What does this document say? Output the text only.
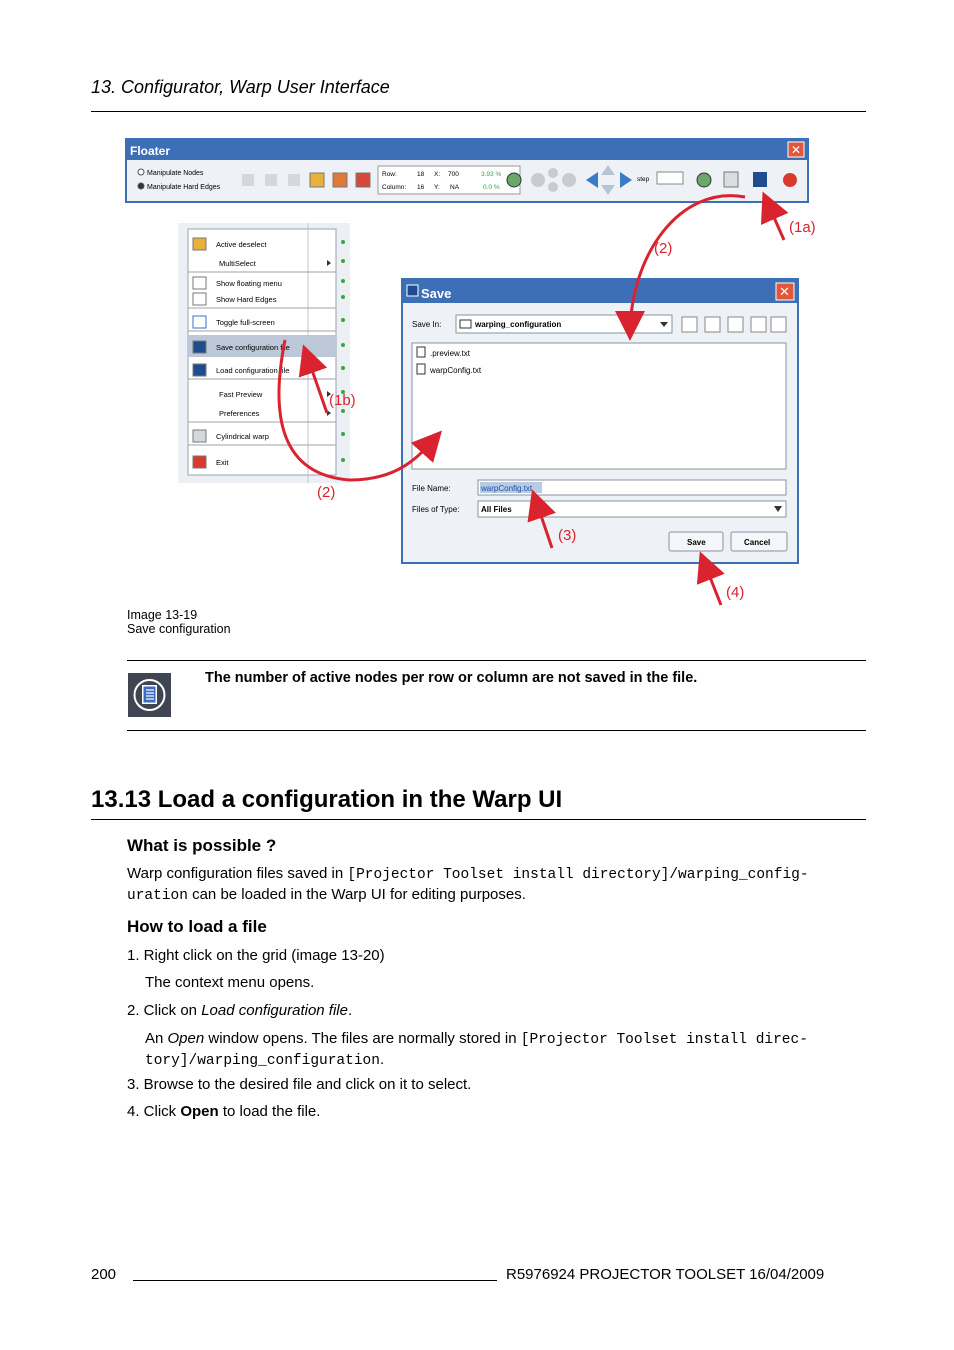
13. Configurator, Warp User Interface
Floater	✕
Manipulate Nodes
Manipulate Hard Edges
Row:	18 X: 700
Column: 16 Y: NA
3.93 %
0.0 %
step
Active deselect
MultiSelect
Show floating menu
Show Hard Edges
Toggle full-screen
Save configuration file
Load configuration file
Fast Preview
Preferences
Cylindrical warp
Exit
Save	✕
Save In:	warping_configuration
.preview.txt
warpConfig.txt
File Name:	warpConfig.txt
Files of Type:	All Files
Save	Cancel
(1a)
(1b)
(2)
(2)
(3)
(4)
Image 13-19
Save configuration
The number of active nodes per row or column are not saved in the file.
13.13 Load a configuration in the Warp UI
What is possible ?
Warp configuration files saved in [Projector Toolset install directory]/warping_config-
uration can be loaded in the Warp UI for editing purposes.
How to load a file
1. Right click on the grid (image 13-20)
The context menu opens.
2. Click on Load configuration file.
An Open window opens. The files are normally stored in [Projector Toolset install direc-
tory]/warping_configuration.
3. Browse to the desired file and click on it to select.
4. Click Open to load the file.
200	R5976924 PROJECTOR TOOLSET 16/04/2009
